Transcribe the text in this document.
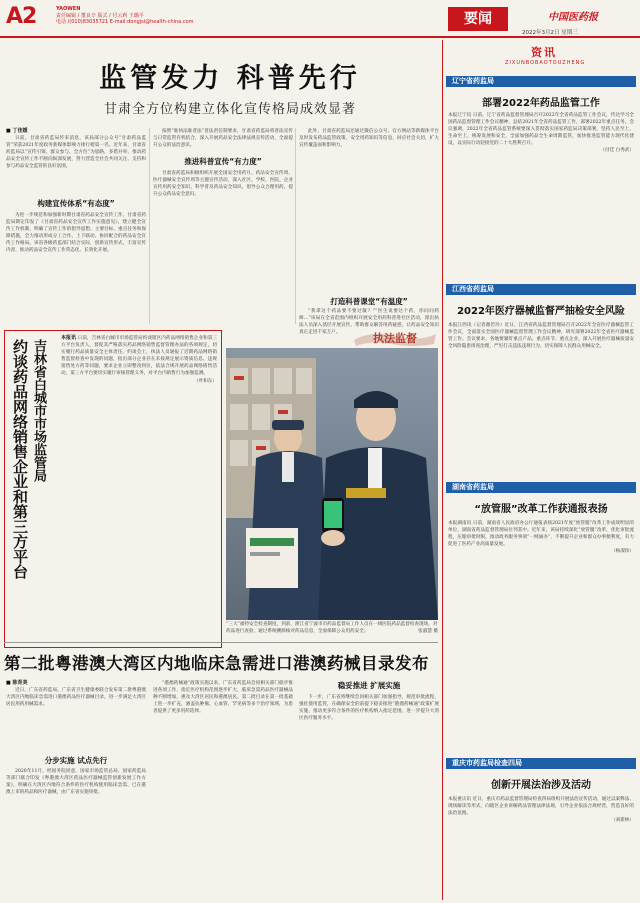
A2	YAOWEN
责任编辑 / 董良辛 版式 / 付云莉 王璐平
电话 /(010)83035721 E-mail:dongjsl@health-china.com	要闻	中国医药报
2022年3月2日 星期三
监管发力 科普先行
甘肃全方位构建立体化宣传格局成效显著
■ 丁佳媛

日前，甘肃省药监局传来消息，该局部分公众号“甘肃药品监管”荣获2021年度政务新媒体影响力排行榜第一名。近年来，甘肃省药监局以“宣传引领、群众参与、全方位”为思路，多措并举，推动药品安全宣传工作不断向纵深发展，努力营造全社会共同关注、支持和参与药品安全监管的良好氛围。

构建宣传体系“有态度”

为进一步规范和加强新时期甘肃省药品安全宣传工作，甘肃省药监局制定印发了《甘肃省药品安全宣传工作实施意见》，建立健全宣传工作机制，明确了宣传工作的指导思想、主要目标、重点任务和保障措施，全力推动形成分工合作、上下联动、协同配合的药品安全宣传工作格局。该省各级药监部门结合实际，创新宣传形式，丰富宣传内容，推动药品安全宣传工作常态化、长效化开展。

按照“谁执法谁普法”普法责任制要求，甘肃省药监局将普法宣传与日常监管有机结合，深入开展药品安全法律法规宣传活动，全面提升公众的法治意识。

推进科普宣传“有力度”

甘肃省药监局积极组织开展全国安全用药月、药品安全宣传周、医疗器械安全宣传周等主题宣传活动，深入社区、学校、医院、企业宣传用药安全知识，科学普及药品安全知识，倡导公众合理用药，提升公众药品安全意识。

此外，甘肃省药监局还通过微信公众号、官方网站等新媒体平台及时发布药品监管政策、安全用药知识等信息，回应社会关切，扩大宣传覆盖面和影响力。

打造科普课堂“有温度”

“我拿这个药品要不要过敏？”“医生说要这个药，你问问药师…”该局在全省范围内组织开展安全用药科普进社区活动，派出执法人员深入基层开展宣传，帮助群众解答用药疑惑，让药品安全知识真正走进千家万户。

吉林省白城市市场监管局
约谈药品网络销售企业和第三方平台
本报讯 日前，吉林省白城市市场监管局约谈辖区内药品网络销售企业和第三方平台负责人，督促其严格落实药品网络销售监督管理办法的各项规定，切实履行药品质量安全主体责任。约谈会上，执法人员通报了近期药品网络销售监督检查中发现的问题，指出部分企业存在未按规定展示资质信息、违规销售处方药等问题，要求企业立即整改到位，依法合规开展药品网络销售活动，第三方平台要切实履行审核管理义务，对平台内销售行为加强监测。
（叶和东）
执法监督
“三大”福特安全检查制度，到前，浙江省宁波市市药品监督局工作人员在一线医院药品监督检查现场，对药品进行查验，通过系统溯源核对药品信息，全面保障公众用药安全。	张淑慧 摄
第二批粤港澳大湾区内地临床急需进口港澳药械目录发布
■ 陈育美

近日，广东省药监局、广东省卫生健康委联合发布第二批粤港澳大湾区内地临床急需进口港澳药品医疗器械目录，进一步满足大湾区居民用药用械需求。

分步实施 试点先行

2020年11月，经国务院同意，国家市场监管总局、国家药监局等部门联合印发《粤港澳大湾区药品医疗器械监管创新发展工作方案》，明确在大湾区内地符合条件的医疗机构使用临床急需、已在港澳上市的药品和医疗器械，由广东省实施审批。

“港澳药械通”政策实施以来，广东省药监局会同相关部门稳步推进各项工作，指定医疗机构范围逐步扩大，临床急需药品医疗器械品种不断增加，惠及大湾区居民和港澳居民。第二批目录在第一批基础上进一步扩充，涵盖抗肿瘤、心血管、罕见病等多个治疗领域，为患者提供了更多用药选择。

稳妥推进 扩展实施

下一步，广东省将继续会同相关部门加强指导，规范审批流程，强化使用监管，在确保安全的前提下稳妥推进“港澳药械通”政策扩展实施，推动更多符合条件的医疗机构纳入指定范围，进一步提升大湾区医疗服务水平。

资讯
ZIXUNBOBAOTOUZHENG
辽宁省药监局
部署2022年药品监管工作
本报辽宁讯 日前，辽宁省药品监督管理局召开2022年全省药品监管工作会议，传达学习全国药品监督管理工作会议精神，总结2021年全省药品监管工作，部署2022年重点任务。会议强调，2022年全省药品监管系统要深入贯彻落实国家药监局决策部署，坚持人民至上、生命至上，统筹发展和安全，全面加强药品全生命周期监管，加快推进监管能力现代化建设，以实际行动迎接党的二十大胜利召开。
（付佳 白秀武）
江西省药监局
2022年医疗器械监督严抽检安全风险
本报江西讯（记者谢若玲）近日，江西省药品监督管理局召开2022年全省医疗器械监管工作会议，全面落实全国医疗器械监督管理工作会议精神，研究部署2022年全省医疗器械监管工作。会议要求，各地要紧盯重点产品、重点环节、重点企业，深入开展医疗器械质量安全风险隐患排查治理，严厉打击违法违规行为，切实保障人民群众用械安全。
湖南省药监局
“放管服”改革工作获通报表扬
本报湖南讯 日前，湖南省人民政府办公厅通报表扬2021年度“放管服”改革工作成效明显的单位，湖南省药品监督管理局位列其中。近年来，该局持续深化“放管服”改革，优化审批流程，压缩审批时限，推动政务服务事项“一网通办”，不断提升企业和群众办事便利度，有力促进了医药产业高质量发展。
（杨淑珍）
重庆市药监局检查四局
创新开展法治涉及活动
本报重庆讯 近日，重庆市药品监督管理局检查四局组织开展法治宣传活动，通过以案释法、现场解读等形式，向辖区企业讲解药品管理法律法规，引导企业依法合规经营，营造良好的法治氛围。
（刘新林）
